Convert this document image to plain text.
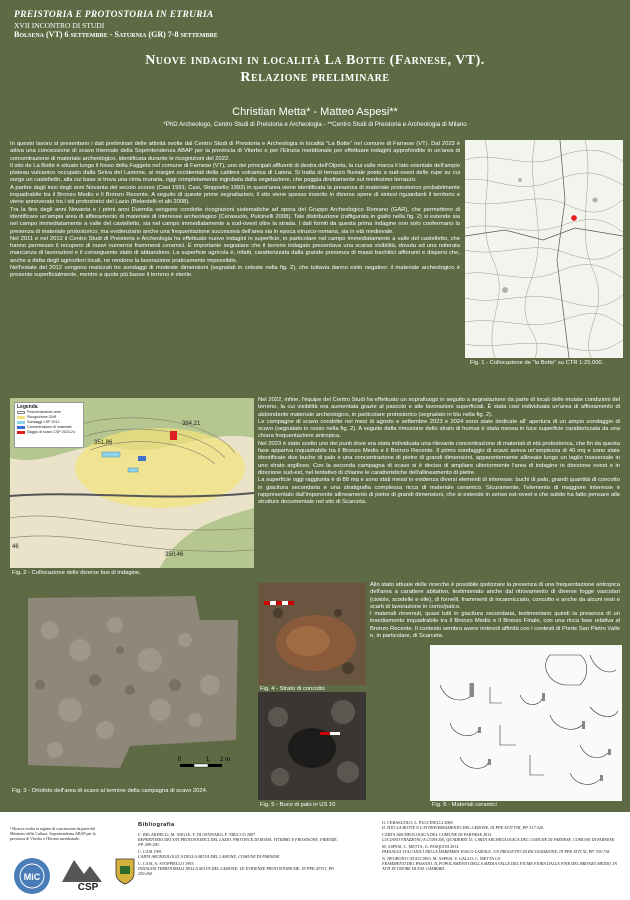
PREISTORIA E PROTOSTORIA IN ETRURIA
XVII INCONTRO DI STUDI
Bolsena (VT) 6 settembre - Saturnia (GR) 7-8 settembre
Nuove indagini in località La Botte (Farnese, VT).
Relazione preliminare
Christian Metta* - Matteo Aspesi**
*PhD Archeologo, Centro Studi di Preistoria e Archeologia - **Centro Studi di Preistoria e Archeologia di Milano

In questo lavoro si presentano i dati preliminari delle attività svolte dal Centro Studi di Preistoria e Archeologia in località "La Botte" nel comune di Farnese (VT). Dal 2023 è attiva una concessione di scavo triennale della Soprintendenza ABAP per la provincia di Viterbo e per l'Etruria meridionale per effettuare indagini approfondite in un'area di concentrazione di materiale archeologico, identificata durante le ricognizioni del 2022.

Il sito de La Botte è situato lungo il fosso della Faggeta nel comune di Farnese (VT), uno dei principali affluenti di destra dell'Olpeta, la cui valle marca il lato orientale dell'ampio plateau vulcanico occupato dalla Selva del Lamone, ai margini occidentali della caldera vulcanica di Latera. Si tratta di terrazzo fluviale posto a sud-ovest delle rupe su cui sorge un castelletto, alla cui base si trova una cinta muraria, oggi completamente inglobata dalla vegetazione, che poggia direttamente sul medesimo terrazzo.

A partire dagli inizi degli anni Novanta del secolo scorso (Casi 1991; Casi, Stoppiello 1993) in quest'area viene identificata la presenza di materiale protostorico probabilmente inquadrabile tra il Bronzo Medio e il Bronzo Recente. A seguito di queste prime segnalazioni, il sito viene spesso inserito in diverse opere di sintesi riguardanti il territorio e viene annoverato tra i siti protostorici del Lazio (Belardelli et alii 2008).

Tra la fine degli anni Novanta e i primi anni Duemila vengono condotte ricognizioni sistematiche ad opera del Gruppo Archeologico Romano (GAR), che permettono di identificare un'ampia area di affioramento di materiale di interesse archeologico (Cerasuolo, Pulcinelli 2008). Tale distribuzione (raffigurata in giallo nella fig. 2) si estende sia nel campo immediatamente a valle del castelletto, sia nel campo immediatamente a sud-ovest oltre la strada. I dati forniti da questa prima indagine non solo confermano la presenza di materiale protostorico, ma evidenziano anche una frequentazione successiva dell'area sia in epoca etrusco-romana, sia in età medievale.

Nel 2011 e nel 2012 il Centro Studi di Preistoria e Archeologia ha effettuato nuove indagini in superficie, in particolare nel campo immediatamente a valle del castelletto, che hanno permesso il recupero di nuovi numerosi frammenti ceramici. È importante segnalare che il terreno indagato presentava una scarsa visibilità, dovuta ad una reiterata mancanza di lavorazioni e il conseguente stato di abbandono. La superficie agricola è, infatti, caratterizzata dalla grande presenza di massi trachitici affioranti e dispersi che, anche a detta degli agricoltori locali, ne rendono la lavorazione praticamente impossibile.

Nell'estate del 2012 vengono realizzati tre sondaggi di modeste dimensioni (segnalati in celeste nella fig. 2), che tuttavia danno esito negativo: il materiale archeologico è presente superficialmente, mentre a quote più basse il terreno è sterile.

Fig. 1 - Collocazione de "la Botte" su CTR 1:25.000.
384,21
351,86
350,46
46
Legenda
Posizionamento aree
Ricognizione GAR
Sondaggi CSP 2012
Concentrazione di materiale
Saggio di scavo CSP 2023-24
Fig. 2 - Collocazione delle diverse fasi di indagine.

Nel 2022, infine, l'équipe del Centro Studi ha effettuato un sopralluogo in seguito a segnalazione da parte di locali delle mutate condizioni del terreno, la cui visibilità era aumentata grazie al pascolo e alle lavorazioni superficiali. È stata così individuata un'area di affioramento di abbondante materiale archeologico, in particolare protostorico (segnalato in blu nella fig. 2).

Le campagne di scavo condotte nei mesi di agosto e settembre 2023 e 2024 sono state dedicate all' apertura di un ampio sondaggio di scavo (segnalato in rosso nella fig. 2). A seguito della rimozione dello strato di humus è stata messa in luce superficie caratterizzata da una chiara frequentazione antropica.

Nel 2023 è stato scelto uno dei punti dove era stata individuata una rilevante concentrazione di materiali di età protostorica, che fin da questa fase appariva inquadrabile tra il Bronzo Medio e il Bronzo Recente. Il primo sondaggio di scavo aveva un'ampiezza di 40 mq e sono state identificate due buche di palo e una concentrazione di pietre di grandi dimensioni, apparentemente allineate lungo un taglio trasversale in uno strato argilloso. Con la seconda campagna di scavo si è deciso di ampliare ulteriormente l'area di indagine in direzione ovest e in direzione sud-est, nel tentativo di chiarire le caratteristiche dell'allineamento di pietre.

La superficie oggi raggiunta è di 88 mq e sono stati messi in evidenza diversi elementi di interesse: buchi di palo, grandi quantità di concotto in giacitura secondaria e una stratigrafia complessa ricca di materiale ceramico. Sicuramente, l'elemento di maggiore interesse è rappresentato dall'imponente allineamento di pietre di grandi dimensioni, che si estende in senso est-ovest e che subito ha fatto pensare alle strutture documentate nel sito di Scarceta.

0	1 2 m
Fig. 3 - Ortofoto dell'area di scavo al termine della campagna di scavo 2024.
Fig. 4 - Strato di concotto
Fig. 5 - Buco di palo in US 10

Allo stato attuale delle ricerche è possibile ipotizzare la presenza di una frequentazione antropica dell'area a carattere abitativo, testimoniato anche dal ritrovamento di diverse fogge vascolari (ciotole, scodelle e olle), di fornelli, frammenti di incannicciato, concotto e anche da alcuni resti e scarti di lavorazione in corno/palco.

I materiali rinvenuti, quasi tutti in giacitura secondaria, testimoniano quindi la presenza di un insediamento inquadrabile tra il Bronzo Medio e il Bronzo Finale, con una ricca fase relativa al Bronzo Recente. Il contesto sembra avere notevoli affinità con i contesti di Ponte San Pietro Valle e, in particolare, di Scarceta.

Fig. 6 - Materiali ceramici
¹ Ricerca svolta in regime di concessione da parte del Ministero della Cultura, Soprintendenza ABAP per la provincia di Viterbo e l'Etruria meridionale.
MiC
CSP
Bibliografia
C. BELARDELLI, M. ANGLE, F. DI GENNARO, F. TRUCCO 2007
REPERTORIO DEI SITI PROTOSTORICI DEL LAZIO. PROVINCE DI ROMA, VITERBO E FROSINONE, FIRENZE, PP. 289-290.
C. CASI 1991
CARTA ARCHEOLOGICA DELLA SELVA DEL LAMONE, COMUNE DI FARNESE.
C. CASI, A. STOPPIELLO 1993
INDAGINI TERRITORIALI NELLA SELVA DEL LAMONE: LE EVIDENZE PROTOSTORICHE, IN PPE.ATTI I, PP. 259-260.
O. CERASUOLO, L. PULCINELLI 2008
IL SITO LA BOTTE E L'ATTRAVERSAMENTO DEL LAMONE, IN PPE.ATTI VIII, PP. 317-320.
CARTA ARCHEOLOGICA DEL COMUNE DI FARNESE 2012
LUCIANO FRAZZONI (A CURA DI), QUADERNI 15, CARTA ARCHEOLOGICA DEL COMUNE DI FARNESE, COMUNE DI FARNESE.
M. ASPESI, C. METTA, G. PASQUINI 2014
PAESAGGI VULCANICI NELLA MAREMMA TOSCO-LAZIALE: UN PROGETTO DI RICOGNIZIONE, IN PPE.ATTI XI, PP. 705-718.
N. NEGRONI CATACCHIO, M. ASPESI, V. GALLO, C. METTA CS
FRAMMENTI DEL PASSATO. IL POPOLAMENTO DELLA MEDIA VALLE DEL FIUME FIORA DALLA FINE DEL BRONZO MEDIO, IN ATTI IN ONORE DI F.M. GAMBARI.
